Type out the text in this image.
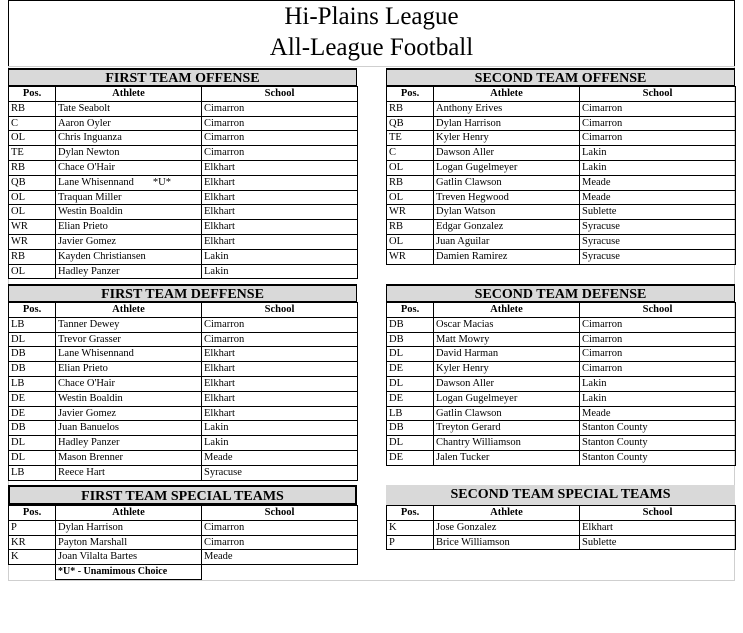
Hi-Plains League
All-League Football
FIRST TEAM OFFENSE
Pos.	Athlete	School
RB	Tate Seabolt	Cimarron
C	Aaron Oyler	Cimarron
OL	Chris Inguanza	Cimarron
TE	Dylan Newton	Cimarron
RB	Chace O'Hair	Elkhart
QB	Lane Whisennand *U*	Elkhart
OL	Traquan Miller	Elkhart
OL	Westin Boaldin	Elkhart
WR	Elian Prieto	Elkhart
WR	Javier Gomez	Elkhart
RB	Kayden Christiansen	Lakin
OL	Hadley Panzer	Lakin
SECOND TEAM OFFENSE
Pos.	Athlete	School
RB	Anthony Erives	Cimarron
QB	Dylan Harrison	Cimarron
TE	Kyler Henry	Cimarron
C	Dawson Aller	Lakin
OL	Logan Gugelmeyer	Lakin
RB	Gatlin Clawson	Meade
OL	Treven Hegwood	Meade
WR	Dylan Watson	Sublette
RB	Edgar Gonzalez	Syracuse
OL	Juan Aguilar	Syracuse
WR	Damien Ramirez	Syracuse
FIRST TEAM DEFFENSE
Pos.	Athlete	School
LB	Tanner Dewey	Cimarron
DL	Trevor Grasser	Cimarron
DB	Lane Whisennand	Elkhart
DB	Elian Prieto	Elkhart
LB	Chace O'Hair	Elkhart
DE	Westin Boaldin	Elkhart
DE	Javier Gomez	Elkhart
DB	Juan Banuelos	Lakin
DL	Hadley Panzer	Lakin
DL	Mason Brenner	Meade
LB	Reece Hart	Syracuse
SECOND TEAM DEFENSE
Pos.	Athlete	School
DB	Oscar Macias	Cimarron
DB	Matt Mowry	Cimarron
DL	David Harman	Cimarron
DE	Kyler Henry	Cimarron
DL	Dawson Aller	Lakin
DE	Logan Gugelmeyer	Lakin
LB	Gatlin Clawson	Meade
DB	Treyton Gerard	Stanton County
DL	Chantry Williamson	Stanton County
DE	Jalen Tucker	Stanton County
FIRST TEAM SPECIAL TEAMS
Pos.	Athlete	School
P	Dylan Harrison	Cimarron
KR	Payton Marshall	Cimarron
K	Joan Vilalta Bartes	Meade
	*U* - Unamimous Choice	
SECOND TEAM SPECIAL TEAMS
Pos.	Athlete	School
K	Jose Gonzalez	Elkhart
P	Brice Williamson	Sublette
